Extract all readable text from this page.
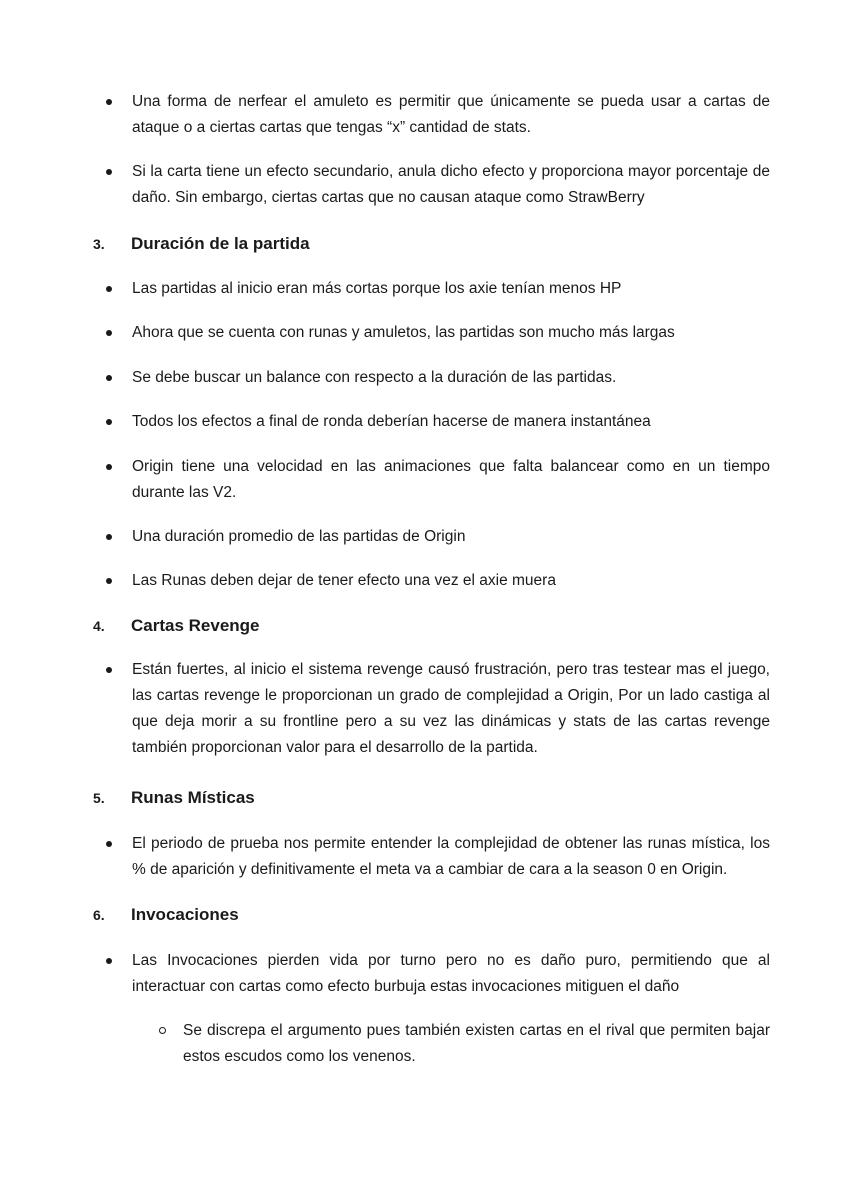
Una forma de nerfear el amuleto es permitir que únicamente se pueda usar a cartas de ataque o a ciertas cartas que tengas “x” cantidad de stats.
Si la carta tiene un efecto secundario, anula dicho efecto y proporciona mayor porcentaje de daño. Sin embargo, ciertas cartas que no causan ataque como StrawBerry
3. Duración de la partida
Las partidas al inicio eran más cortas porque los axie tenían menos HP
Ahora que se cuenta con runas y amuletos, las partidas son mucho más largas
Se debe buscar un balance con respecto a la duración de las partidas.
Todos los efectos a final de ronda deberían hacerse de manera instantánea
Origin tiene una velocidad en las animaciones que falta balancear como en un tiempo durante las V2.
Una duración promedio de las partidas de Origin
Las Runas deben dejar de tener efecto una vez el axie muera
4. Cartas Revenge
Están fuertes, al inicio el sistema revenge causó frustración, pero tras testear mas el juego, las cartas revenge le proporcionan un grado de complejidad a Origin, Por un lado castiga al que deja morir a su frontline pero a su vez las dinámicas y stats de las cartas revenge también proporcionan valor para el desarrollo de la partida.
5. Runas Místicas
El periodo de prueba nos permite entender la complejidad de obtener las runas mística, los % de aparición y definitivamente el meta va a cambiar de cara a la season 0 en Origin.
6. Invocaciones
Las Invocaciones pierden vida por turno pero no es daño puro, permitiendo que al interactuar con cartas como efecto burbuja estas invocaciones mitiguen el daño
Se discrepa el argumento pues también existen cartas en el rival que permiten bajar estos escudos como los venenos.
